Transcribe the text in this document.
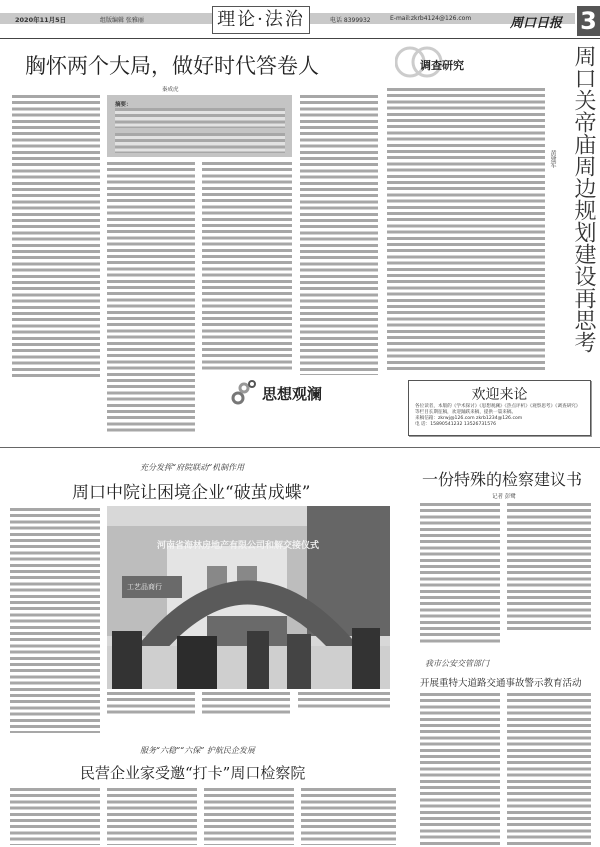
2020年11月5日	组版编辑 张雅丽	电话 8399932	E-mail:zkrb4124@126.com
理论·法治	周口日报 3
胸怀两个大局，做好时代答卷人
秦成虎
摘要：
思想观澜
调查研究	周口关帝庙周边规划建设再思考
黄建军
欢迎来论

各位读者，本版的《学术探讨》《思想观澜》《热点评析》《观察思考》《调查研究》等栏目长期征稿，欢迎踊跃来稿，提供一篇来稿。

来稿信箱：zkrwj@126.com zkrb1234@126.com

电 话：15890541232 13526731576

充分发挥“府院联动”机制作用
周口中院让困境企业“破茧成蝶”
河南省海林房地产有限公司和解交接仪式
工艺品商行
一份特殊的检察建议书
记者 彭鹭
我市公安交管部门
开展重特大道路交通事故警示教育活动
服务“六稳”“六保” 护航民企发展
民营企业家受邀“打卡”周口检察院
